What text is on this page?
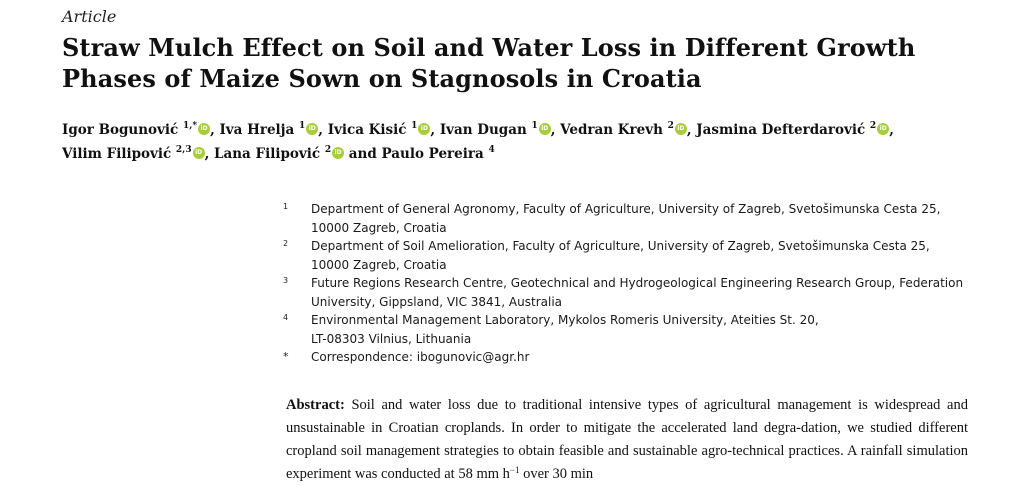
Article
Straw Mulch Effect on Soil and Water Loss in Different Growth Phases of Maize Sown on Stagnosols in Croatia
Igor Bogunović $^{1,*}$ iD , Iva Hrelja $^1$ iD , Ivica Kisić $^1$ iD , Ivan Dugan $^1$ iD , Vedran Krevh $^2$ iD , Jasmina Defterdarović $^2$ iD , Vilim Filipović $^{2,3}$ iD , Lana Filipović $^2$ iD and Paulo Pereira $^4$
1	Department of General Agronomy, Faculty of Agriculture, University of Zagreb, Svetošimunska Cesta 25,
10000 Zagreb, Croatia
2	Department of Soil Amelioration, Faculty of Agriculture, University of Zagreb, Svetošimunska Cesta 25,
10000 Zagreb, Croatia
3	Future Regions Research Centre, Geotechnical and Hydrogeological Engineering Research Group, Federation
University, Gippsland, VIC 3841, Australia
4	Environmental Management Laboratory, Mykolos Romeris University, Ateities St. 20,
LT-08303 Vilnius, Lithuania
*	Correspondence: ibogunovic@agr.hr
Abstract: Soil and water loss due to traditional intensive types of agricultural management is widespread and unsustainable in Croatian croplands. In order to mitigate the accelerated land degra-dation, we studied different cropland soil management strategies to obtain feasible and sustainable agro-technical practices. A rainfall simulation experiment was conducted at 58 mm $h^{-1}$ over 30 min
